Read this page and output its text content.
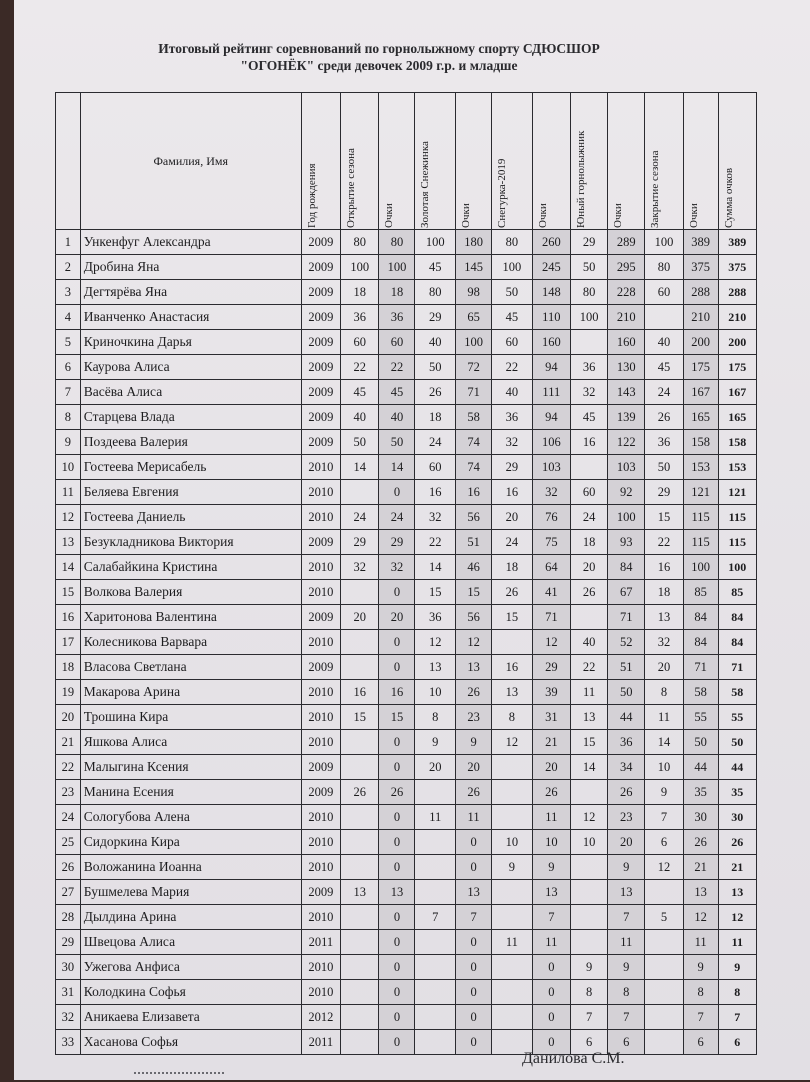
Итоговый рейтинг соревнований по горнолыжному спорту СДЮСШОР
"ОГОНЁК" среди девочек 2009 г.р. и младше
	Фамилия, Имя	Год рождения	Открытие сезона	Очки	Золотая Снежинка	Очки	Снегурка-2019	Очки	Юный горнолыжник	Очки	Закрытие сезона	Очки	Сумма очков

1	Ункенфуг Александра	2009	80	80	100	180	80	260	29	289	100	389	389
2	Дробина Яна	2009	100	100	45	145	100	245	50	295	80	375	375
3	Дегтярёва Яна	2009	18	18	80	98	50	148	80	228	60	288	288
4	Иванченко Анастасия	2009	36	36	29	65	45	110	100	210		210	210
5	Криночкина Дарья	2009	60	60	40	100	60	160		160	40	200	200
6	Каурова Алиса	2009	22	22	50	72	22	94	36	130	45	175	175
7	Васёва Алиса	2009	45	45	26	71	40	111	32	143	24	167	167
8	Старцева Влада	2009	40	40	18	58	36	94	45	139	26	165	165
9	Поздеева Валерия	2009	50	50	24	74	32	106	16	122	36	158	158
10	Гостеева Мерисабель	2010	14	14	60	74	29	103		103	50	153	153
11	Беляева Евгения	2010		0	16	16	16	32	60	92	29	121	121
12	Гостеева Даниель	2010	24	24	32	56	20	76	24	100	15	115	115
13	Безукладникова Виктория	2009	29	29	22	51	24	75	18	93	22	115	115
14	Салабайкина Кристина	2010	32	32	14	46	18	64	20	84	16	100	100
15	Волкова Валерия	2010		0	15	15	26	41	26	67	18	85	85
16	Харитонова Валентина	2009	20	20	36	56	15	71		71	13	84	84
17	Колесникова Варвара	2010		0	12	12		12	40	52	32	84	84
18	Власова Светлана	2009		0	13	13	16	29	22	51	20	71	71
19	Макарова Арина	2010	16	16	10	26	13	39	11	50	8	58	58
20	Трошина Кира	2010	15	15	8	23	8	31	13	44	11	55	55
21	Яшкова Алиса	2010		0	9	9	12	21	15	36	14	50	50
22	Малыгина Ксения	2009		0	20	20		20	14	34	10	44	44
23	Манина Есения	2009	26	26		26		26		26	9	35	35
24	Сологубова Алена	2010		0	11	11		11	12	23	7	30	30
25	Сидоркина Кира	2010		0		0	10	10	10	20	6	26	26
26	Воложанина Иоанна	2010		0		0	9	9		9	12	21	21
27	Бушмелева Мария	2009	13	13		13		13		13		13	13
28	Дылдина Арина	2010		0	7	7		7		7	5	12	12
29	Швецова Алиса	2011		0		0	11	11		11		11	11
30	Ужегова Анфиса	2010		0		0		0	9	9		9	9
31	Колодкина Софья	2010		0		0		0	8	8		8	8
32	Аникаева Елизавета	2012		0		0		0	7	7		7	7
33	Хасанова Софья	2011		0		0		0	6	6		6	6
Данилова С.М.
